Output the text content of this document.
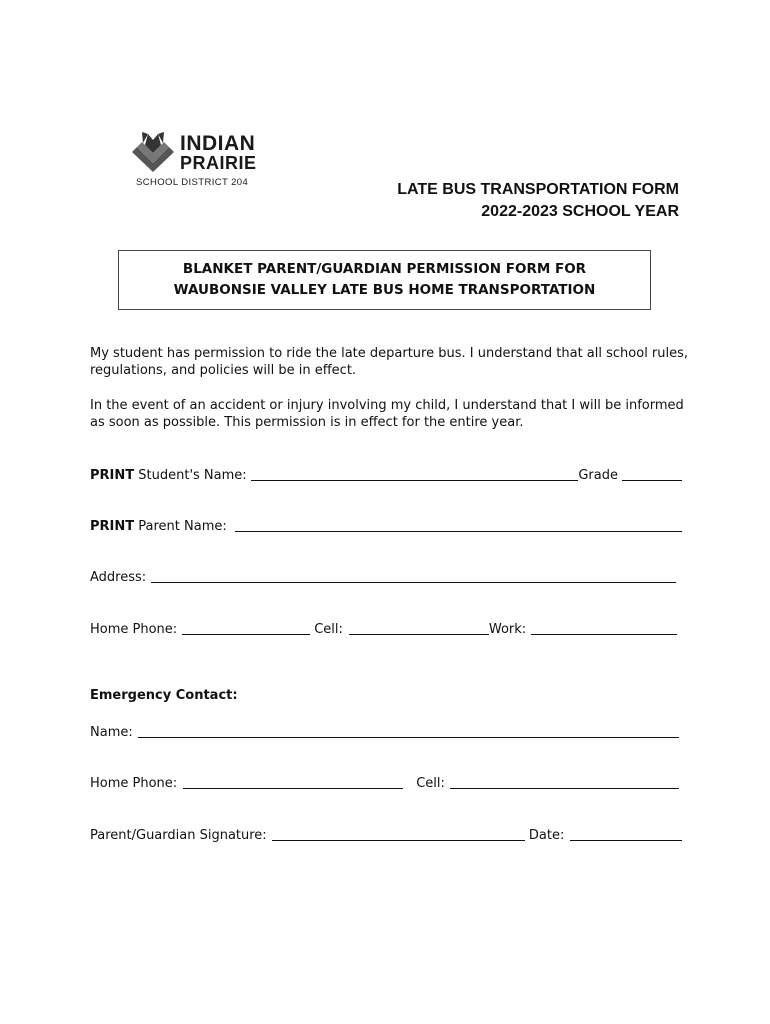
INDIAN
PRAIRIE
SCHOOL DISTRICT 204	LATE BUS TRANSPORTATION FORM
2022-2023 SCHOOL YEAR
BLANKET PARENT/GUARDIAN PERMISSION FORM FOR
WAUBONSIE VALLEY LATE BUS HOME TRANSPORTATION
My student has permission to ride the late departure bus. I understand that all school rules, regulations, and policies will be in effect.
In the event of an accident or injury involving my child, I understand that I will be informed as soon as possible. This permission is in effect for the entire year.
PRINT Student's Name:	Grade
PRINT Parent Name:
Address:
Home Phone:	Cell:	Work:
Emergency Contact:
Name:
Home Phone:	Cell:
Parent/Guardian Signature:	Date:
